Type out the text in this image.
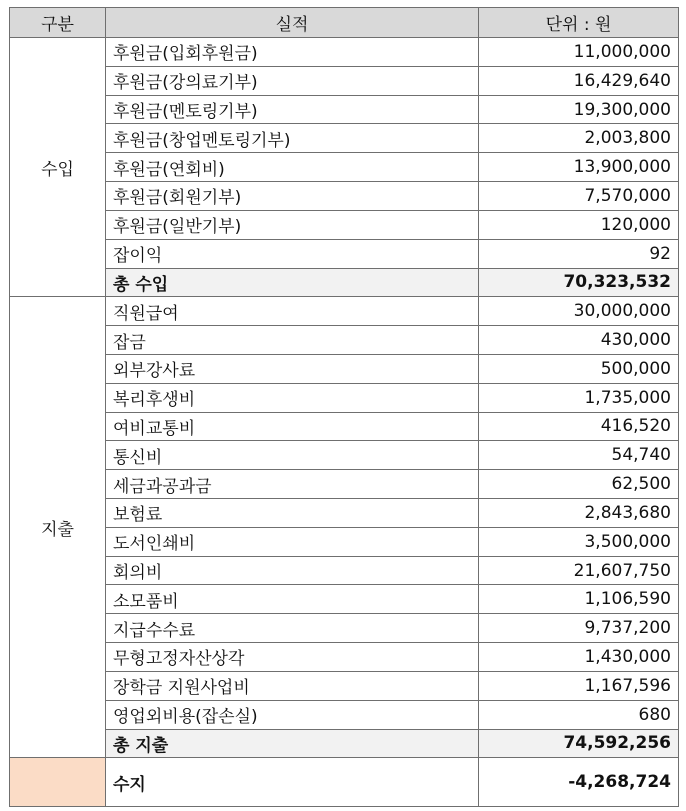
구분	실적	단위 : 원
수입	후원금(입회후원금)	11,000,000
	후원금(강의료기부)	16,429,640
	후원금(멘토링기부)	19,300,000
	후원금(창업멘토링기부)	2,003,800
	후원금(연회비)	13,900,000
	후원금(회원기부)	7,570,000
	후원금(일반기부)	120,000
	잡이익	92
	총 수입	70,323,532
지출	직원급여	30,000,000
	잡금	430,000
	외부강사료	500,000
	복리후생비	1,735,000
	여비교통비	416,520
	통신비	54,740
	세금과공과금	62,500
	보험료	2,843,680
	도서인쇄비	3,500,000
	회의비	21,607,750
	소모품비	1,106,590
	지급수수료	9,737,200
	무형고정자산상각	1,430,000
	장학금 지원사업비	1,167,596
	영업외비용(잡손실)	680
	총 지출	74,592,256
	수지	-4,268,724
